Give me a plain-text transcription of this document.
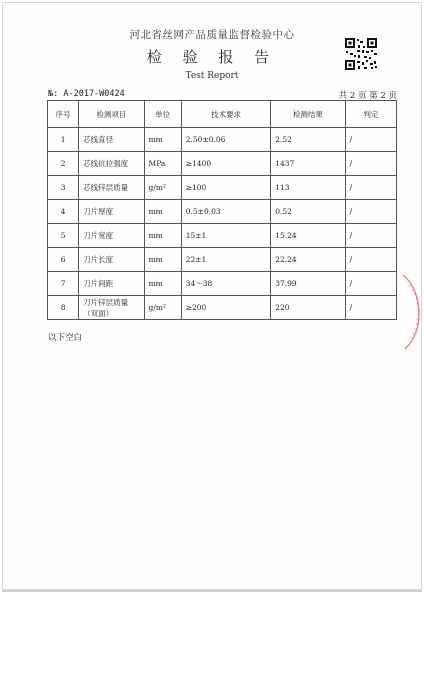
河北省丝网产品质量监督检验中心
检 验 报 告
Test Report
№: A-2017-W0424	共 2 页 第 2 页
序号	检测项目	单位	技术要求	检测结果	判定
1	芯线直径	mm	2.50±0.06	2.52	/
2	芯线抗拉强度	MPa	≥1400	1437	/
3	芯线锌层质量	g/m²	≥100	113	/
4	刀片厚度	mm	0.5±0.03	0.52	/
5	刀片宽度	mm	15±1	15.24	/
6	刀片长度	mm	22±1	22.24	/
7	刀片间距	mm	34～38	37.99	/
8	刀片锌层质量（双面）	g/m²	≥200	220	/
以下空白
